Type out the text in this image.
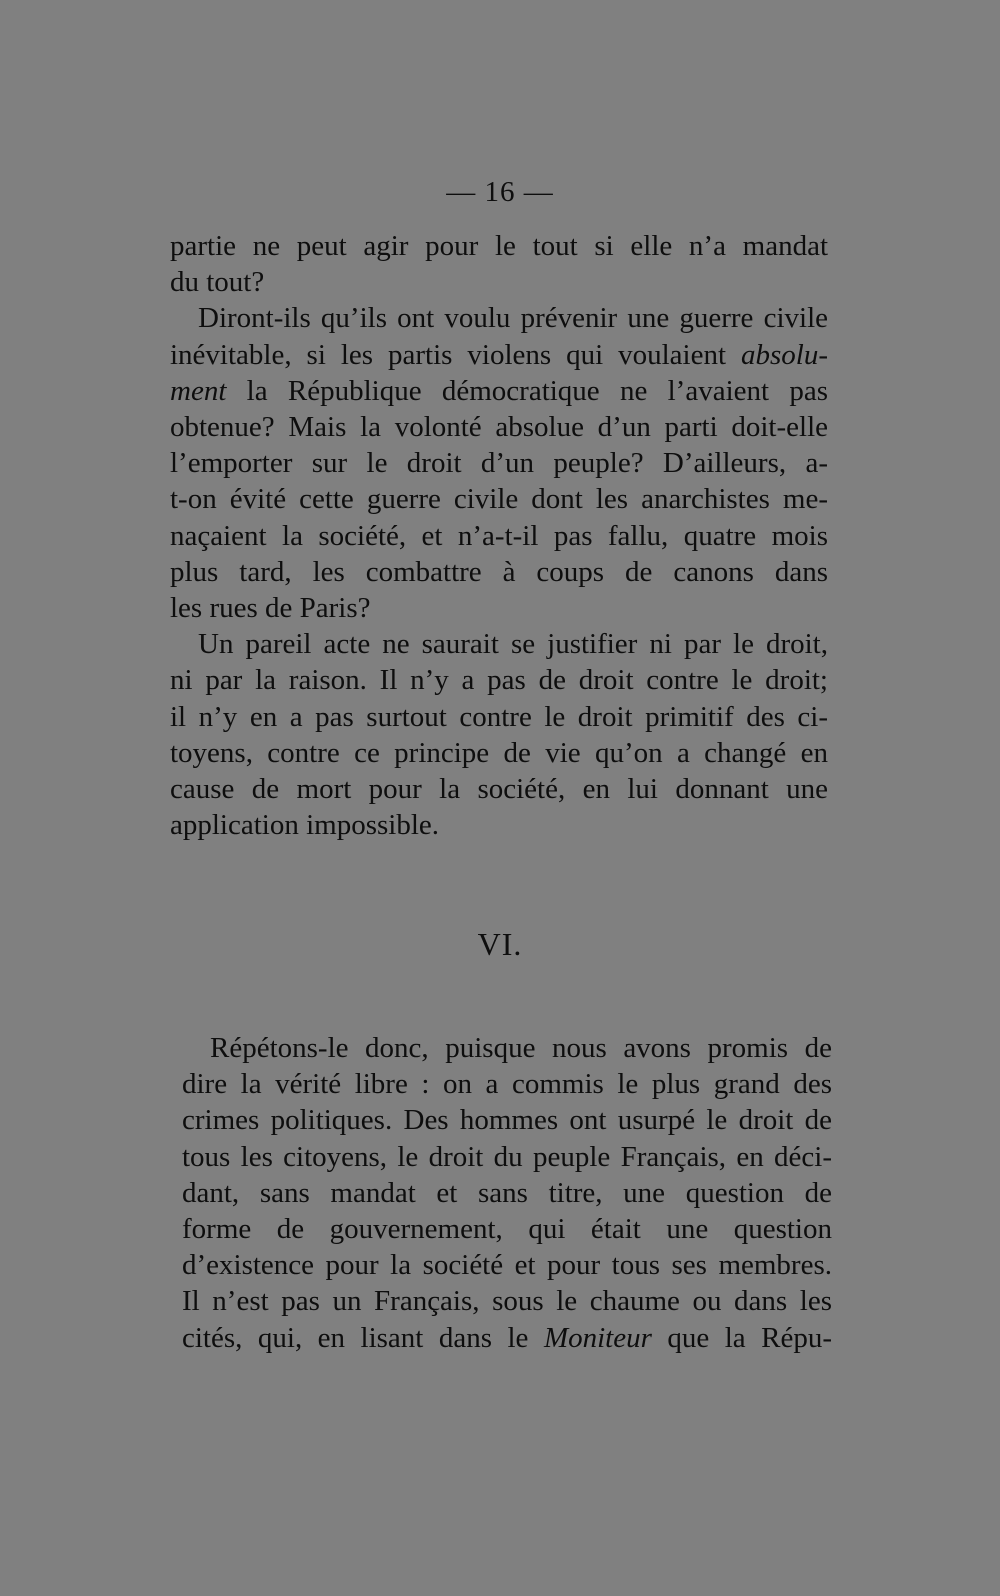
— 16 —
partie ne peut agir pour le tout si elle n’a mandat
du tout?
Diront-ils qu’ils ont voulu prévenir une guerre civile
inévitable, si les partis violens qui voulaient absolu-
ment la République démocratique ne l’avaient pas
obtenue? Mais la volonté absolue d’un parti doit-elle
l’emporter sur le droit d’un peuple? D’ailleurs, a-
t-on évité cette guerre civile dont les anarchistes me-
naçaient la société, et n’a-t-il pas fallu, quatre mois
plus tard, les combattre à coups de canons dans
les rues de Paris?
Un pareil acte ne saurait se justifier ni par le droit,
ni par la raison. Il n’y a pas de droit contre le droit;
il n’y en a pas surtout contre le droit primitif des ci-
toyens, contre ce principe de vie qu’on a changé en
cause de mort pour la société, en lui donnant une
application impossible.
VI.
Répétons-le donc, puisque nous avons promis de
dire la vérité libre : on a commis le plus grand des
crimes politiques. Des hommes ont usurpé le droit de
tous les citoyens, le droit du peuple Français, en déci-
dant, sans mandat et sans titre, une question de
forme de gouvernement, qui était une question
d’existence pour la société et pour tous ses membres.
Il n’est pas un Français, sous le chaume ou dans les
cités, qui, en lisant dans le Moniteur que la Répu-
